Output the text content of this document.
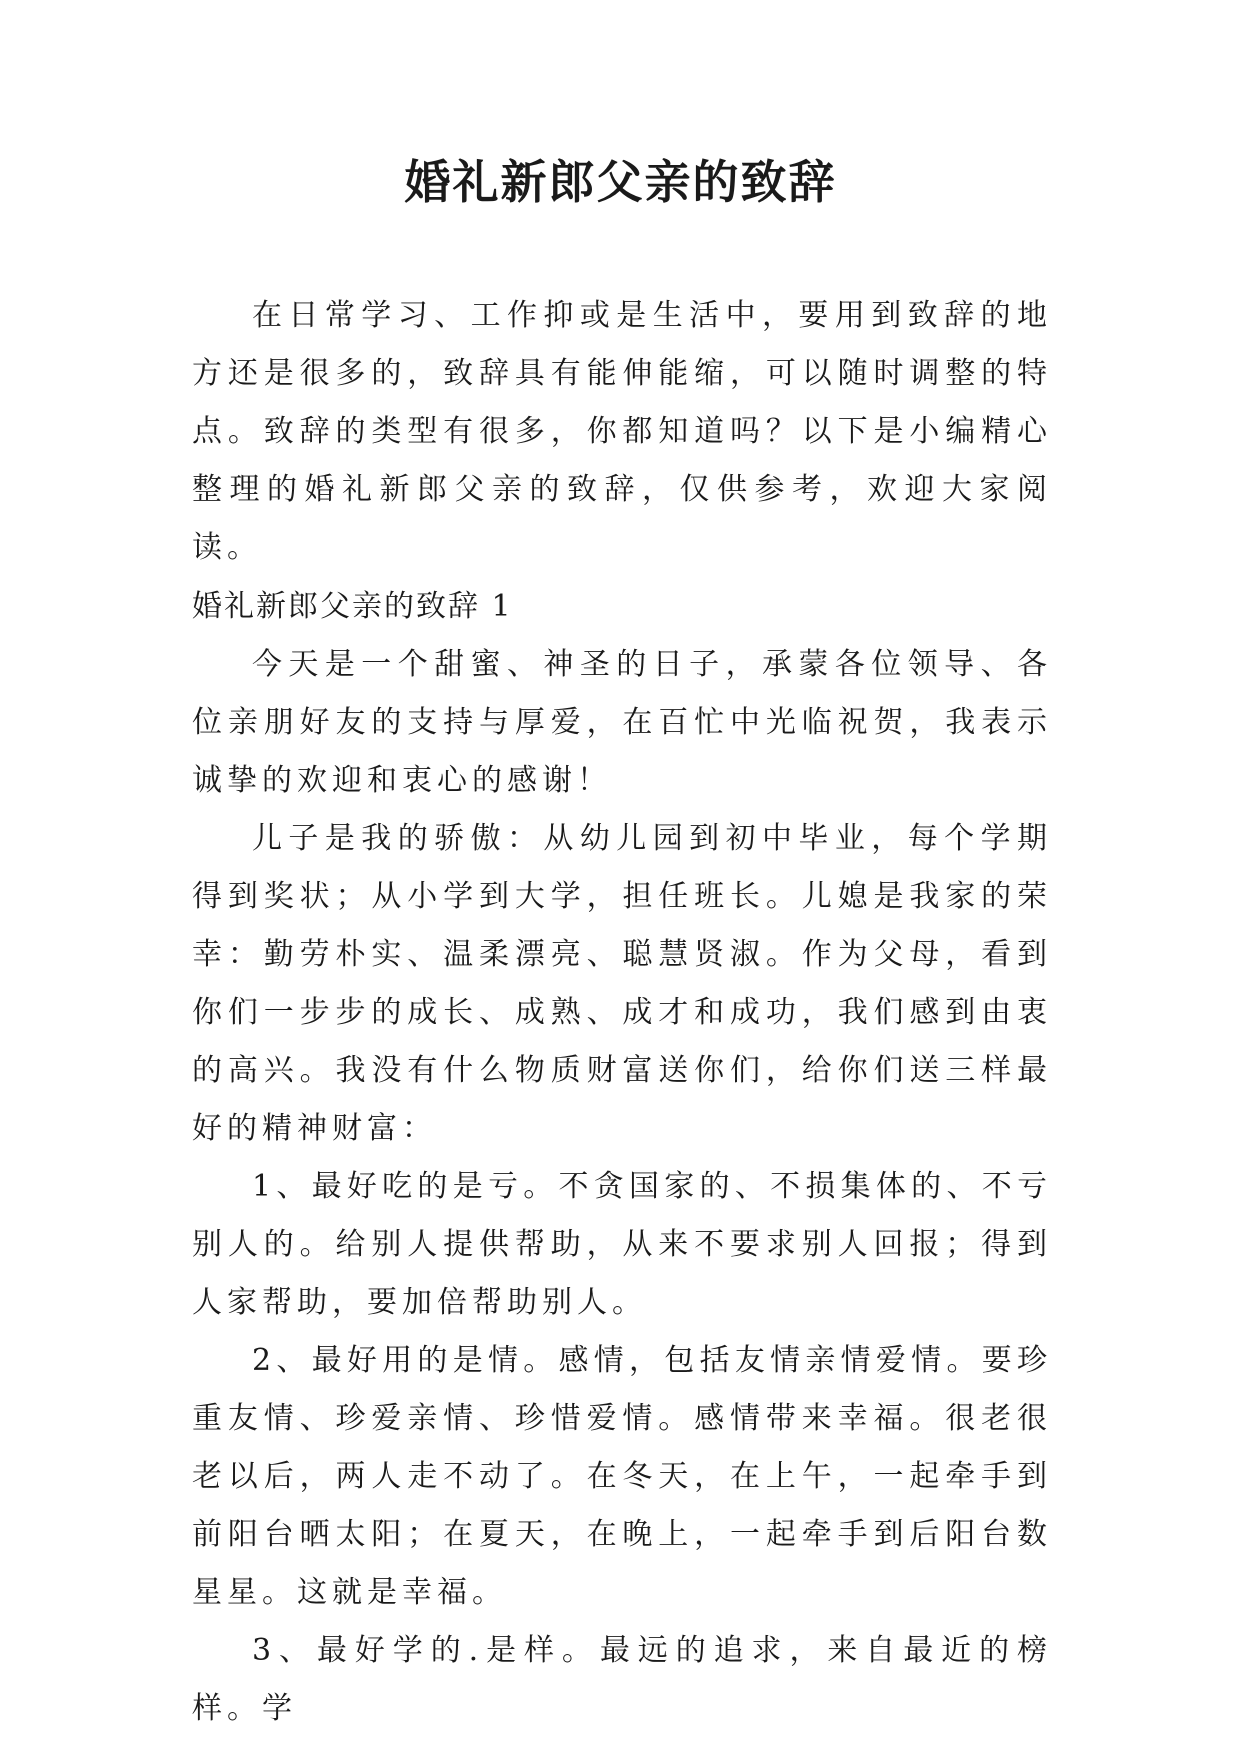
婚礼新郎父亲的致辞

在日常学习、工作抑或是生活中，要用到致辞的地方还是很多的，致辞具有能伸能缩，可以随时调整的特点。致辞的类型有很多，你都知道吗？以下是小编精心整理的婚礼新郎父亲的致辞，仅供参考，欢迎大家阅读。

婚礼新郎父亲的致辞 1

今天是一个甜蜜、神圣的日子，承蒙各位领导、各位亲朋好友的支持与厚爱，在百忙中光临祝贺，我表示诚挚的欢迎和衷心的感谢！

儿子是我的骄傲：从幼儿园到初中毕业，每个学期得到奖状；从小学到大学，担任班长。儿媳是我家的荣幸：勤劳朴实、温柔漂亮、聪慧贤淑。作为父母，看到你们一步步的成长、成熟、成才和成功，我们感到由衷的高兴。我没有什么物质财富送你们，给你们送三样最好的精神财富：

1、最好吃的是亏。不贪国家的、不损集体的、不亏别人的。给别人提供帮助，从来不要求别人回报；得到人家帮助，要加倍帮助别人。

2、最好用的是情。感情，包括友情亲情爱情。要珍重友情、珍爱亲情、珍惜爱情。感情带来幸福。很老很老以后，两人走不动了。在冬天，在上午，一起牵手到前阳台晒太阳；在夏天，在晚上，一起牵手到后阳台数星星。这就是幸福。

3、最好学的.是样。最远的追求，来自最近的榜样。学
